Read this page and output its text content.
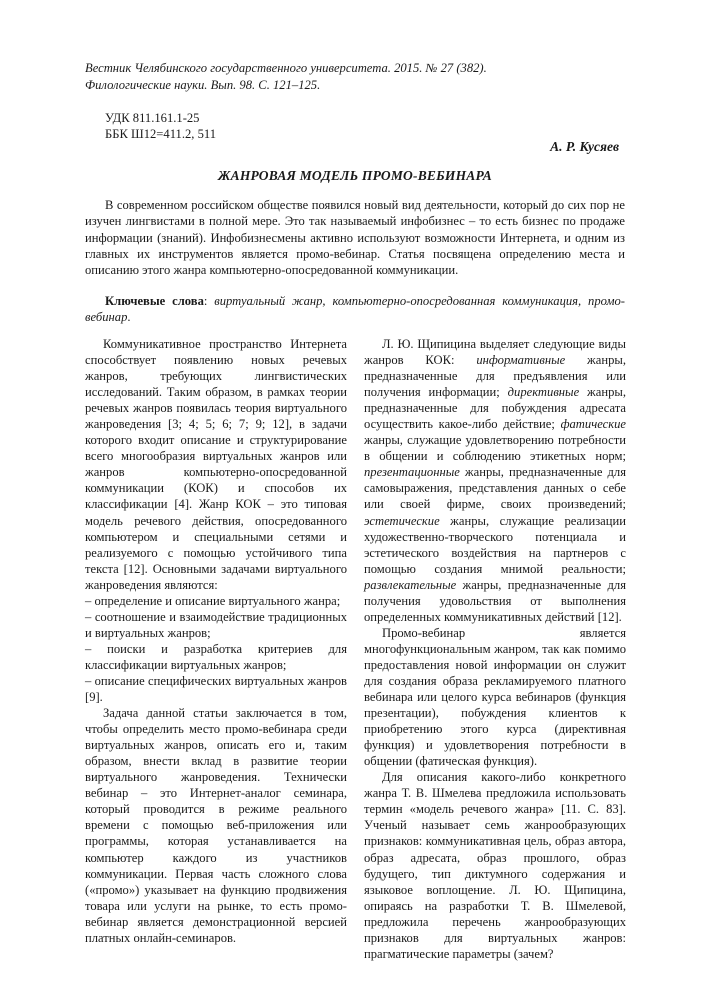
Вестник Челябинского государственного университета. 2015. № 27 (382).

Филологические науки. Вып. 98. С. 121–125.

УДК 811.161.1-25

ББК Ш12=411.2, 511

А. Р. Кусяев
ЖАНРОВАЯ МОДЕЛЬ ПРОМО-ВЕБИНАРА

В современном российском обществе появился новый вид деятельности, который до сих пор не изучен лингвистами в полной мере. Это так называемый инфобизнес – то есть бизнес по продаже информации (знаний). Инфобизнесмены активно используют возможности Интернета, и одним из главных их инструментов является промо-вебинар. Статья посвящена определению места и описанию этого жанра компьютерно-опосредованной коммуникации.

Ключевые слова: виртуальный жанр, компьютерно-опосредованная коммуникация, промо-вебинар.

Коммуникативное пространство Интернета способствует появлению новых речевых жанров, требующих лингвистических исследований. Таким образом, в рамках теории речевых жанров появилась теория виртуального жанроведения [3; 4; 5; 6; 7; 9; 12], в задачи которого входит описание и структурирование всего многообразия виртуальных жанров или жанров компьютерно-опосредованной коммуникации (КОК) и способов их классификации [4]. Жанр КОК – это типовая модель речевого действия, опосредованного компьютером и специальными сетями и реализуемого с помощью устойчивого типа текста [12]. Основными задачами виртуального жанроведения являются:

– определение и описание виртуального жанра;

– соотношение и взаимодействие традиционных и виртуальных жанров;

– поиски и разработка критериев для классификации виртуальных жанров;

– описание специфических виртуальных жанров [9].

Задача данной статьи заключается в том, чтобы определить место промо-вебинара среди виртуальных жанров, описать его и, таким образом, внести вклад в развитие теории виртуального жанроведения. Технически вебинар – это Интернет-аналог семинара, который проводится в режиме реального времени с помощью веб-приложения или программы, которая устанавливается на компьютер каждого из участников коммуникации. Первая часть сложного слова («промо») указывает на функцию продвижения товара или услуги на рынке, то есть промо-вебинар является демонстрационной версией платных онлайн-семинаров.

Л. Ю. Щипицина выделяет следующие виды жанров КОК: информативные жанры, предназначенные для предъявления или получения информации; директивные жанры, предназначенные для побуждения адресата осуществить какое-либо действие; фатические жанры, служащие удовлетворению потребности в общении и соблюдению этикетных норм; презентационные жанры, предназначенные для самовыражения, представления данных о себе или своей фирме, своих произведений; эстетические жанры, служащие реализации художественно-творческого потенциала и эстетического воздействия на партнеров с помощью создания мнимой реальности; развлекательные жанры, предназначенные для получения удовольствия от выполнения определенных коммуникативных действий [12].

Промо-вебинар является многофункциональным жанром, так как помимо предоставления новой информации он служит для создания образа рекламируемого платного вебинара или целого курса вебинаров (функция презентации), побуждения клиентов к приобретению этого курса (директивная функция) и удовлетворения потребности в общении (фатическая функция).

Для описания какого-либо конкретного жанра Т. В. Шмелева предложила использовать термин «модель речевого жанра» [11. С. 83]. Ученый называет семь жанрообразующих признаков: коммуникативная цель, образ автора, образ адресата, образ прошлого, образ будущего, тип диктумного содержания и языковое воплощение. Л. Ю. Щипицина, опираясь на разработки Т. В. Шмелевой, предложила перечень жанрообразующих признаков для виртуальных жанров: прагматические параметры (зачем?
